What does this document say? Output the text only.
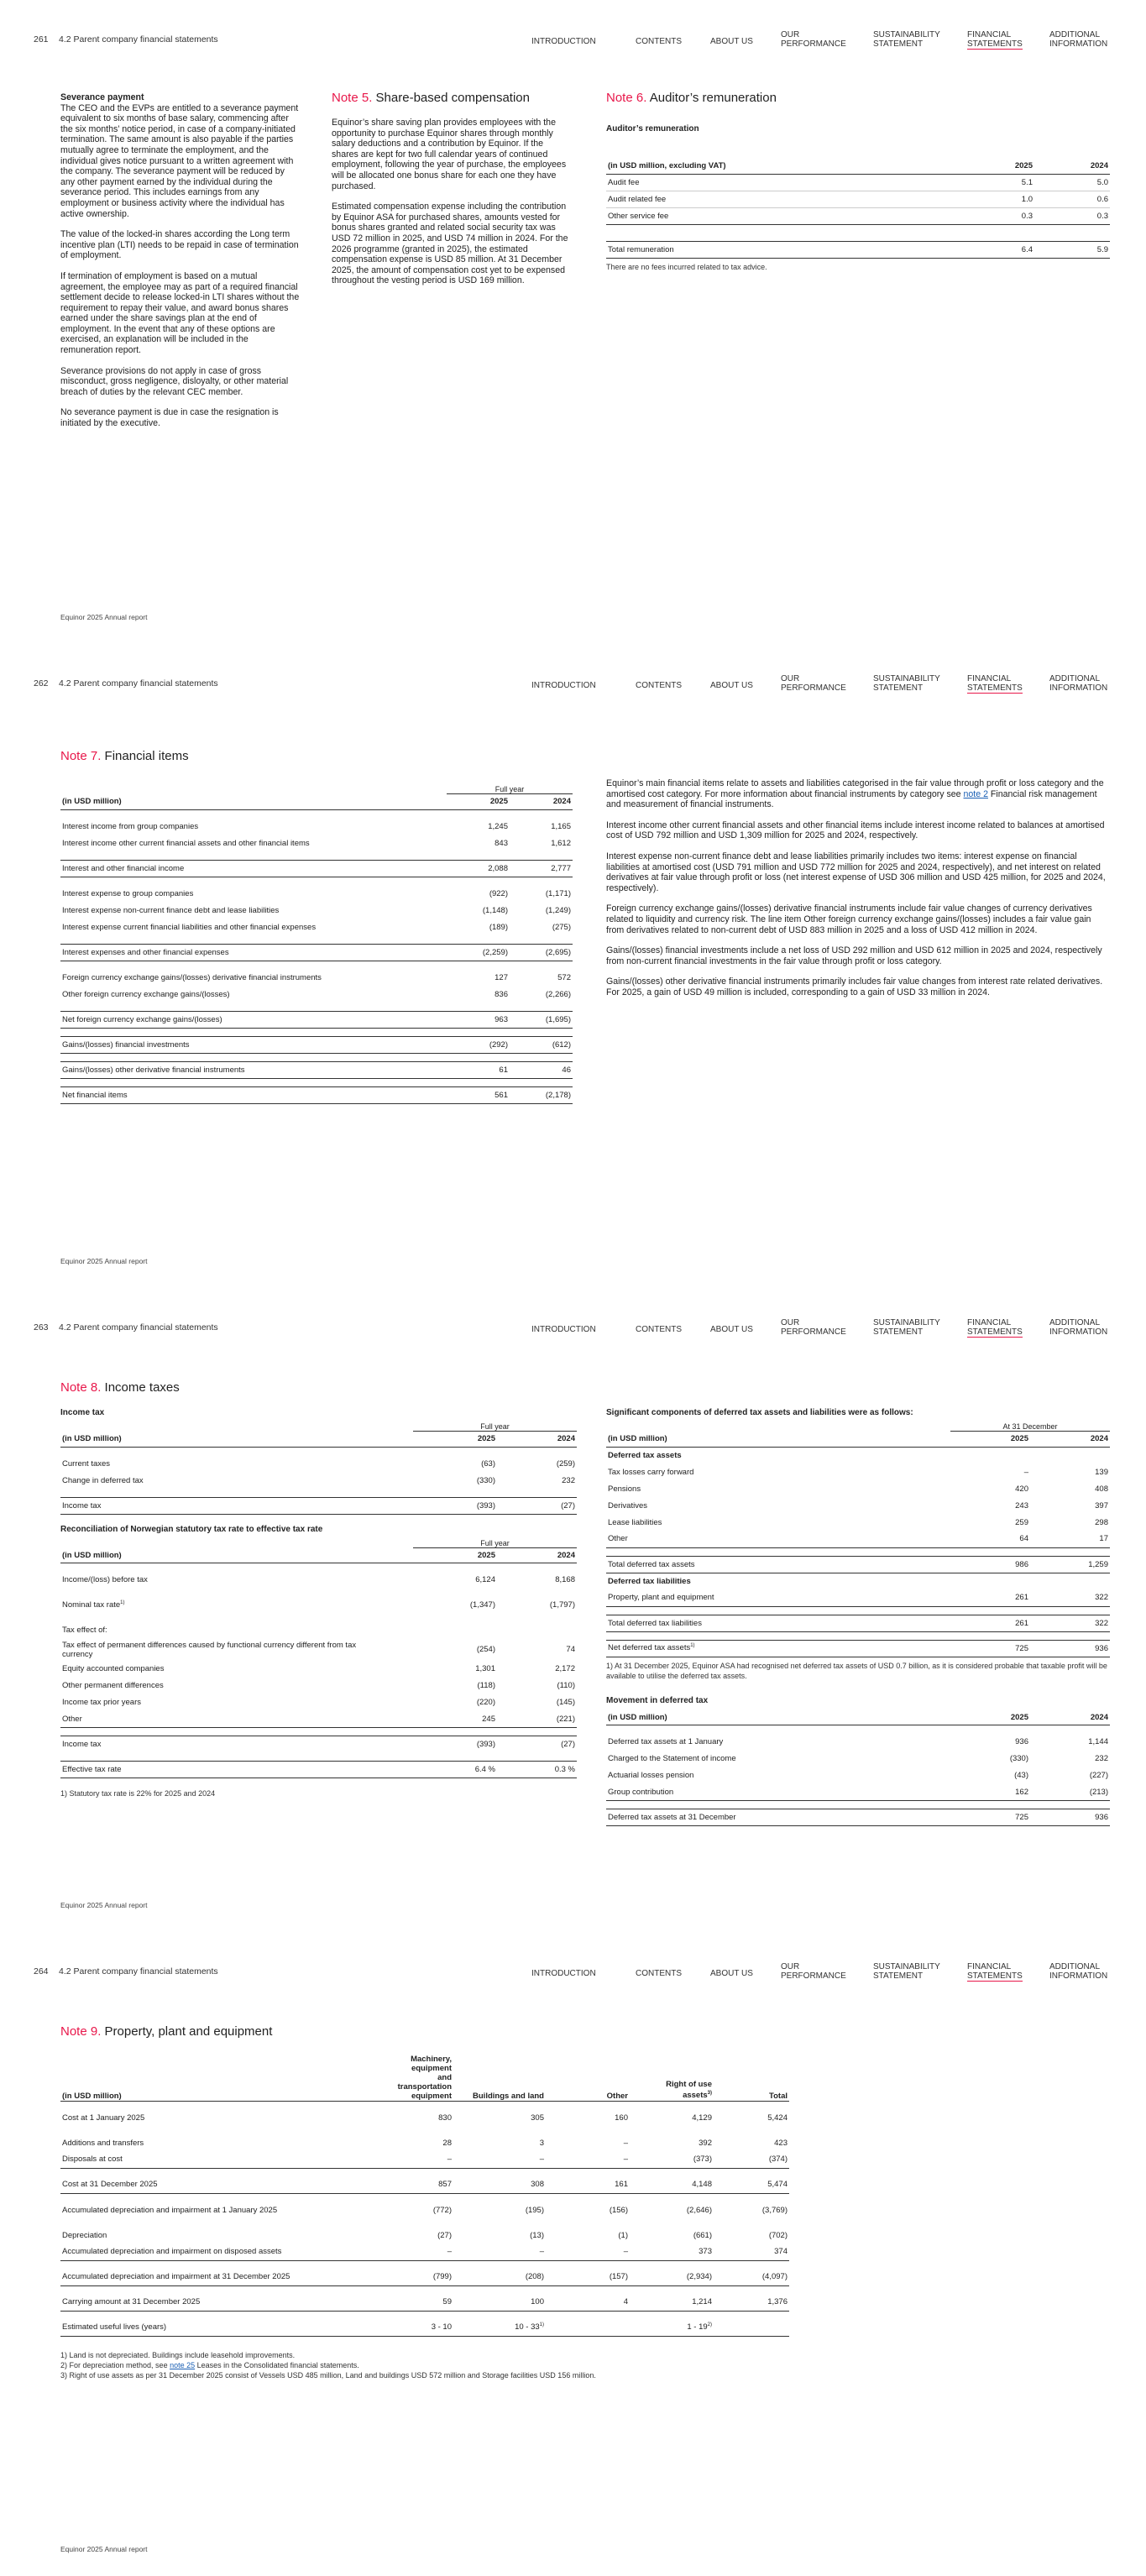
261 4.2 Parent company financial statements	INTRODUCTION	CONTENTS	ABOUT US
OUR
PERFORMANCE
SUSTAINABILITY
STATEMENT
FINANCIAL
STATEMENTS
ADDITIONAL
INFORMATION
Severance payment

The CEO and the EVPs are entitled to a severance payment equivalent to six months of base salary, commencing after the six months’ notice period, in case of a company-initiated termination. The same amount is also payable if the parties mutually agree to terminate the employment, and the individual gives notice pursuant to a written agreement with the company. The severance payment will be reduced by any other payment earned by the individual during the severance period. This includes earnings from any employment or business activity where the individual has active ownership.

The value of the locked-in shares according the Long term incentive plan (LTI) needs to be repaid in case of termination of employment.

If termination of employment is based on a mutual agreement, the employee may as part of a required financial settlement decide to release locked-in LTI shares without the requirement to repay their value, and award bonus shares earned under the share savings plan at the end of employment. In the event that any of these options are exercised, an explanation will be included in the remuneration report.

Severance provisions do not apply in case of gross misconduct, gross negligence, disloyalty, or other material breach of duties by the relevant CEC member.

No severance payment is due in case the resignation is initiated by the executive.

Note 5. Share-based compensation

Equinor’s share saving plan provides employees with the opportunity to purchase Equinor shares through monthly salary deductions and a contribution by Equinor. If the shares are kept for two full calendar years of continued employment, following the year of purchase, the employees will be allocated one bonus share for each one they have purchased.

Estimated compensation expense including the contribution by Equinor ASA for purchased shares, amounts vested for bonus shares granted and related social security tax was USD 72 million in 2025, and USD 74 million in 2024. For the 2026 programme (granted in 2025), the estimated compensation expense is USD 85 million. At 31 December 2025, the amount of compensation cost yet to be expensed throughout the vesting period is USD 169 million.

Note 6. Auditor’s remuneration
Auditor’s remuneration
(in USD million, excluding VAT)	2025	2024
Audit fee	5.1	5.0
Audit related fee	1.0	0.6
Other service fee	0.3	0.3

Total remuneration	6.4	5.9
There are no fees incurred related to tax advice.
Equinor 2025 Annual report
262 4.2 Parent company financial statements	INTRODUCTION	CONTENTS	ABOUT US
OUR
PERFORMANCE
SUSTAINABILITY
STATEMENT
FINANCIAL
STATEMENTS
ADDITIONAL
INFORMATION
Note 7. Financial items
Full year
(in USD million)	2025	2024

Interest income from group companies	1,245	1,165
Interest income other current financial assets and other financial items	843	1,612

Interest and other financial income	2,088	2,777

Interest expense to group companies	(922)	(1,171)
Interest expense non-current finance debt and lease liabilities	(1,148)	(1,249)
Interest expense current financial liabilities and other financial expenses	(189)	(275)

Interest expenses and other financial expenses	(2,259)	(2,695)

Foreign currency exchange gains/(losses) derivative financial instruments	127	572
Other foreign currency exchange gains/(losses)	836	(2,266)

Net foreign currency exchange gains/(losses)	963	(1,695)

Gains/(losses) financial investments	(292)	(612)

Gains/(losses) other derivative financial instruments	61	46

Net financial items	561	(2,178)

Equinor’s main financial items relate to assets and liabilities categorised in the fair value through profit or loss category and the amortised cost category. For more information about financial instruments by category see note 2 Financial risk management and measurement of financial instruments.

Interest income other current financial assets and other financial items include interest income related to balances at amortised cost of USD 792 million and USD 1,309 million for 2025 and 2024, respectively.

Interest expense non-current finance debt and lease liabilities primarily includes two items: interest expense on financial liabilities at amortised cost (USD 791 million and USD 772 million for 2025 and 2024, respectively), and net interest on related derivatives at fair value through profit or loss (net interest expense of USD 306 million and USD 425 million, for 2025 and 2024, respectively).

Foreign currency exchange gains/(losses) derivative financial instruments include fair value changes of currency derivatives related to liquidity and currency risk. The line item Other foreign currency exchange gains/(losses) includes a fair value gain from derivatives related to non-current debt of USD 883 million in 2025 and a loss of USD 412 million in 2024.

Gains/(losses) financial investments include a net loss of USD 292 million and USD 612 million in 2025 and 2024, respectively from non-current financial investments in the fair value through profit or loss category.

Gains/(losses) other derivative financial instruments primarily includes fair value changes from interest rate related derivatives. For 2025, a gain of USD 49 million is included, corresponding to a gain of USD 33 million in 2024.

Equinor 2025 Annual report
263 4.2 Parent company financial statements	INTRODUCTION	CONTENTS	ABOUT US
OUR
PERFORMANCE
SUSTAINABILITY
STATEMENT
FINANCIAL
STATEMENTS
ADDITIONAL
INFORMATION
Note 8. Income taxes
Income tax
Full year
(in USD million)	2025	2024

Current taxes	(63)	(259)
Change in deferred tax	(330)	232

Income tax	(393)	(27)
Reconciliation of Norwegian statutory tax rate to effective tax rate
Full year
(in USD million)	2025	2024

Income/(loss) before tax	6,124	8,168

Nominal tax rate$^{1)}$	(1,347)	(1,797)

Tax effect of:		
Tax effect of permanent differences caused by functional currency different from tax currency	(254)	74
Equity accounted companies	1,301	2,172
Other permanent differences	(118)	(110)
Income tax prior years	(220)	(145)
Other	245	(221)

Income tax	(393)	(27)

Effective tax rate	6.4 %	0.3 %
1) Statutory tax rate is 22% for 2025 and 2024
Significant components of deferred tax assets and liabilities were as follows:
At 31 December
(in USD million)	2025	2024
Deferred tax assets		
Tax losses carry forward	–	139
Pensions	420	408
Derivatives	243	397
Lease liabilities	259	298
Other	64	17

Total deferred tax assets	986	1,259
Deferred tax liabilities		
Property, plant and equipment	261	322

Total deferred tax liabilities	261	322

Net deferred tax assets$^{1)}$	725	936
1) At 31 December 2025, Equinor ASA had recognised net deferred tax assets of USD 0.7 billion, as it is considered probable that taxable profit will be available to utilise the deferred tax assets.
Movement in deferred tax
(in USD million)	2025	2024

Deferred tax assets at 1 January	936	1,144
Charged to the Statement of income	(330)	232
Actuarial losses pension	(43)	(227)
Group contribution	162	(213)

Deferred tax assets at 31 December	725	936
Equinor 2025 Annual report
264 4.2 Parent company financial statements	INTRODUCTION	CONTENTS	ABOUT US
OUR
PERFORMANCE
SUSTAINABILITY
STATEMENT
FINANCIAL
STATEMENTS
ADDITIONAL
INFORMATION
Note 9. Property, plant and equipment
(in USD million)	Machinery, equipment and transportation equipment	Buildings and land	Other	Right of use assets$^{3)}$	Total

Cost at 1 January 2025	830	305	160	4,129	5,424

Additions and transfers	28	3	–	392	423
Disposals at cost	–	–	–	(373)	(374)

Cost at 31 December 2025	857	308	161	4,148	5,474

Accumulated depreciation and impairment at 1 January 2025	(772)	(195)	(156)	(2,646)	(3,769)

Depreciation	(27)	(13)	(1)	(661)	(702)
Accumulated depreciation and impairment on disposed assets	–	–	–	373	374

Accumulated depreciation and impairment at 31 December 2025	(799)	(208)	(157)	(2,934)	(4,097)

Carrying amount at 31 December 2025	59	100	4	1,214	1,376

Estimated useful lives (years)	3 - 10	10 - 33$^{1)}$		1 - 19$^{2)}$	
1) Land is not depreciated. Buildings include leasehold improvements.
2) For depreciation method, see note 25 Leases in the Consolidated financial statements.
3) Right of use assets as per 31 December 2025 consist of Vessels USD 485 million, Land and buildings USD 572 million and Storage facilities USD 156 million.
Equinor 2025 Annual report
